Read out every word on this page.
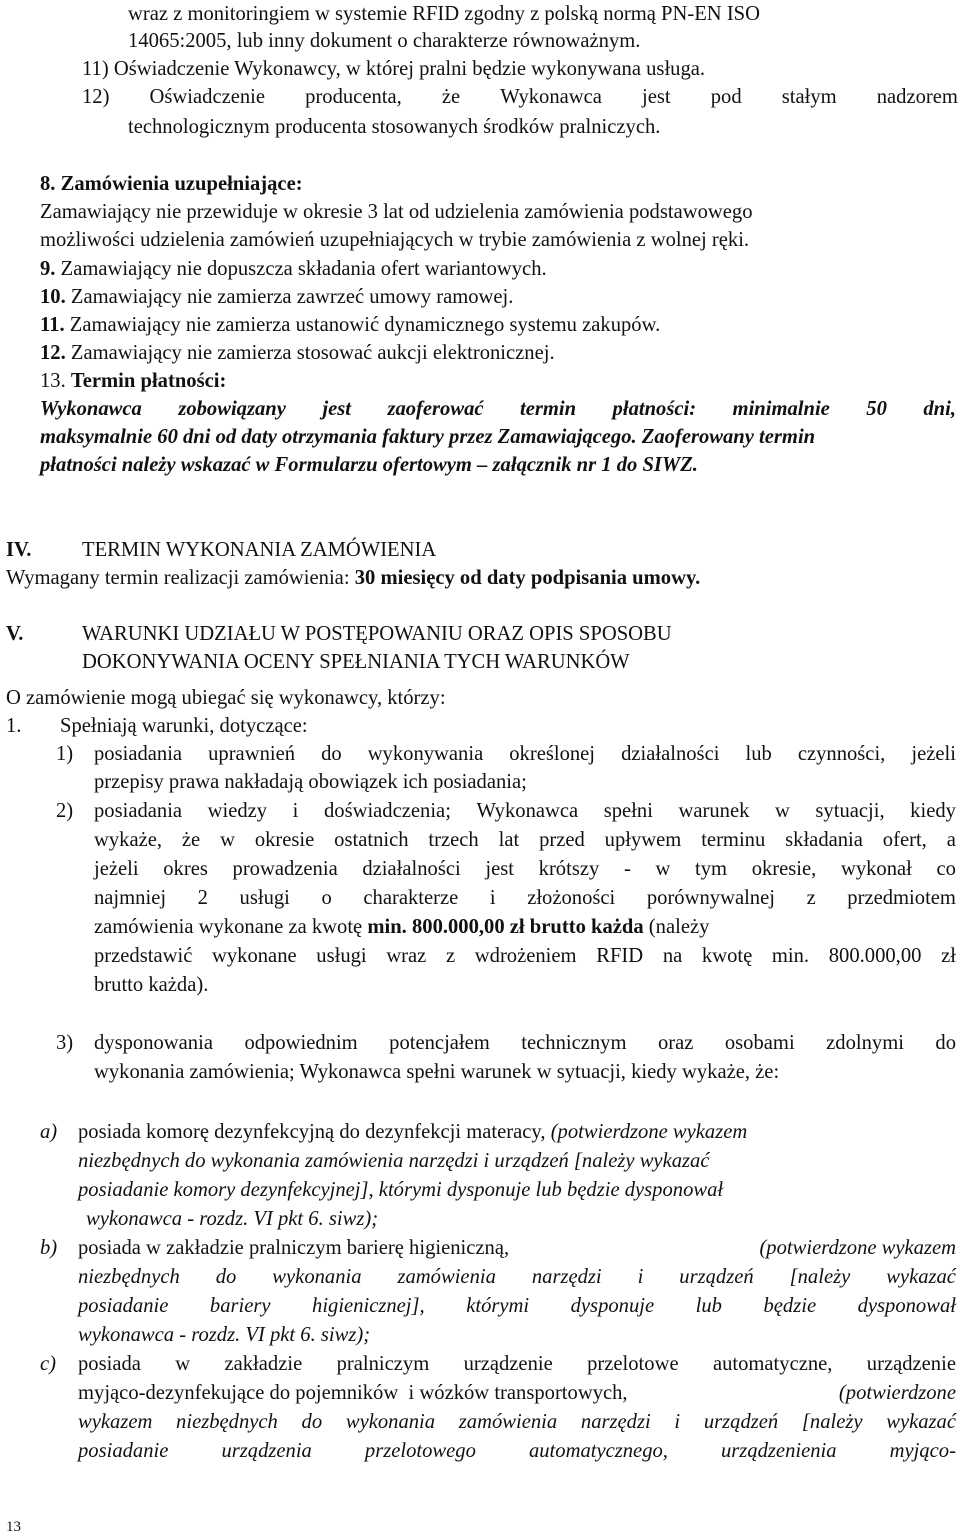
wraz z monitoringiem w systemie RFID zgodny z polską normą PN-EN ISO
14065:2005, lub inny dokument o charakterze równoważnym.
11) Oświadczenie Wykonawcy, w której pralni będzie wykonywana usługa.
12) Oświadczenie producenta, że Wykonawca jest pod stałym nadzorem
technologicznym producenta stosowanych środków pralniczych.
8. Zamówienia uzupełniające:
Zamawiający nie przewiduje w okresie 3 lat od udzielenia zamówienia podstawowego
możliwości udzielenia zamówień uzupełniających w trybie zamówienia z wolnej ręki.
9. Zamawiający nie dopuszcza składania ofert wariantowych.
10. Zamawiający nie zamierza zawrzeć umowy ramowej.
11. Zamawiający nie zamierza ustanowić dynamicznego systemu zakupów.
12. Zamawiający nie zamierza stosować aukcji elektronicznej.
13. Termin płatności:
Wykonawca zobowiązany jest zaoferować termin płatności: minimalnie 50 dni,
maksymalnie 60 dni od daty otrzymania faktury przez Zamawiającego. Zaoferowany termin
płatności należy wskazać w Formularzu ofertowym – załącznik nr 1 do SIWZ.
IV. TERMIN WYKONANIA ZAMÓWIENIA
Wymagany termin realizacji zamówienia: 30 miesięcy od daty podpisania umowy.
V.	WARUNKI UDZIAŁU W POSTĘPOWANIU ORAZ OPIS SPOSOBU
DOKONYWANIA OCENY SPEŁNIANIA TYCH WARUNKÓW
O zamówienie mogą ubiegać się wykonawcy, którzy:
1. Spełniają warunki, dotyczące:
1) posiadania uprawnień do wykonywania określonej działalności lub czynności, jeżeli
przepisy prawa nakładają obowiązek ich posiadania;
2) posiadania wiedzy i doświadczenia; Wykonawca spełni warunek w sytuacji, kiedy
wykaże, że w okresie ostatnich trzech lat przed upływem terminu składania ofert, a
jeżeli okres prowadzenia działalności jest krótszy - w tym okresie, wykonał co
najmniej 2 usługi o charakterze i złożoności porównywalnej z przedmiotem
zamówienia wykonane za kwotę min. 800.000,00 zł brutto każda (należy
przedstawić wykonane usługi wraz z wdrożeniem RFID na kwotę min. 800.000,00 zł
brutto każda).
3) dysponowania odpowiednim potencjałem technicznym oraz osobami zdolnymi do
wykonania zamówienia; Wykonawca spełni warunek w sytuacji, kiedy wykaże, że:
a) posiada komorę dezynfekcyjną do dezynfekcji materacy, (potwierdzone wykazem
niezbędnych do wykonania zamówienia narzędzi i urządzeń [należy wykazać
posiadanie komory dezynfekcyjnej], którymi dysponuje lub będzie dysponował
wykonawca - rozdz. VI pkt 6. siwz);
b) posiada w zakładzie pralniczym barierę higieniczną,	(potwierdzone wykazem
niezbędnych do wykonania zamówienia narzędzi i urządzeń [należy wykazać
posiadanie bariery higienicznej], którymi dysponuje lub będzie dysponował
wykonawca - rozdz. VI pkt 6. siwz);
c) posiada w zakładzie pralniczym urządzenie przelotowe automatyczne, urządzenie
myjąco-dezynfekujące do pojemników  i wózków transportowych,	(potwierdzone
wykazem niezbędnych do wykonania zamówienia narzędzi i urządzeń [należy wykazać
posiadanie	urządzenia	przelotowego	automatycznego,	urządzenienia	myjąco-
13
